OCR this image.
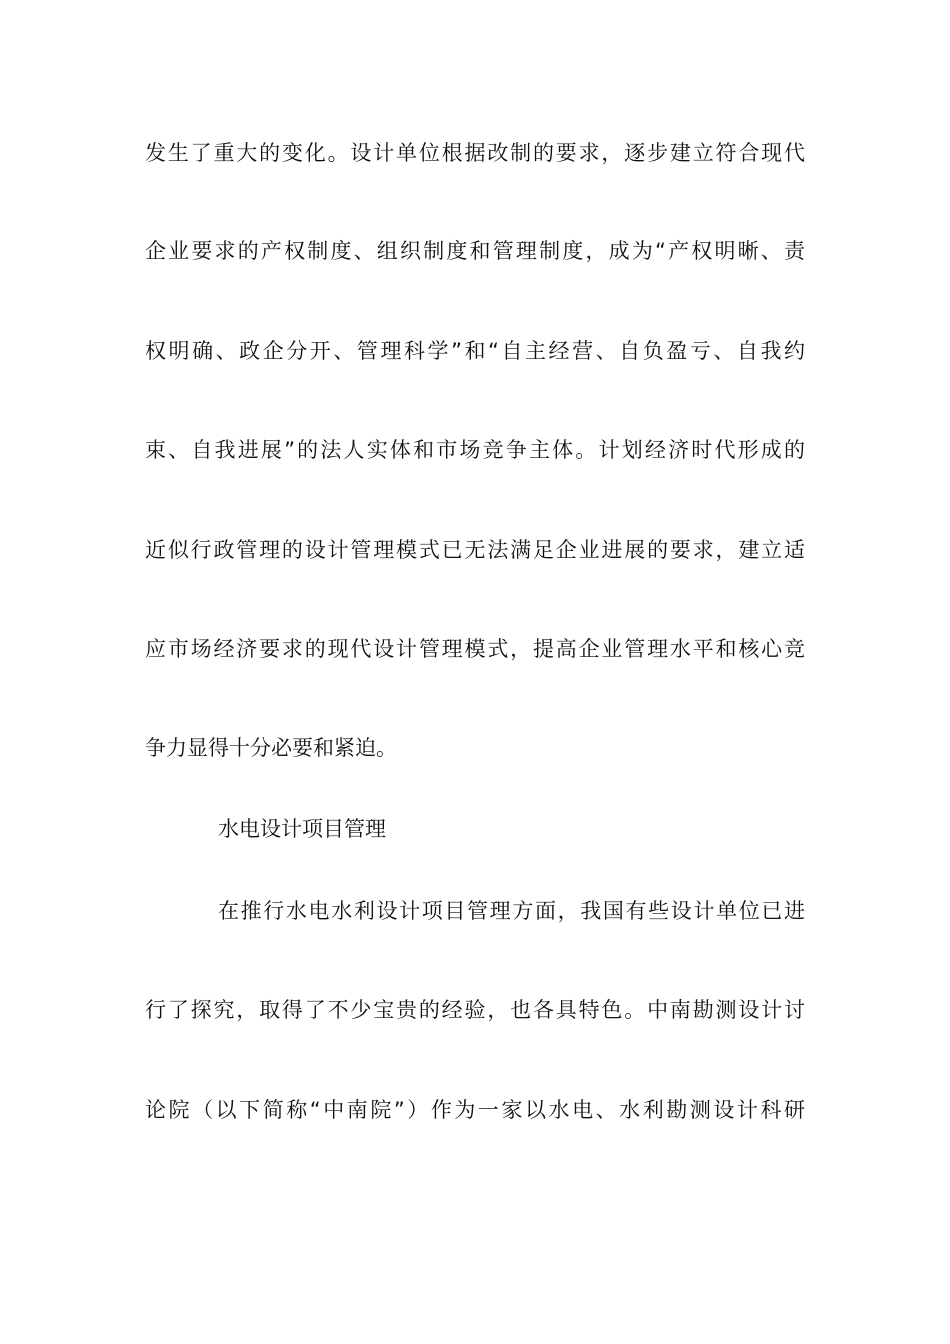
发生了重大的变化。设计单位根据改制的要求，逐步建立符合现代
企业要求的产权制度、组织制度和管理制度，成为“产权明晰、责
权明确、政企分开、管理科学”和“自主经营、自负盈亏、自我约
束、自我进展”的法人实体和市场竞争主体。计划经济时代形成的
近似行政管理的设计管理模式已无法满足企业进展的要求，建立适
应市场经济要求的现代设计管理模式，提高企业管理水平和核心竞
争力显得十分必要和紧迫。
水电设计项目管理
在推行水电水利设计项目管理方面，我国有些设计单位已进
行了探究，取得了不少宝贵的经验，也各具特色。中南勘测设计讨
论院（以下简称“中南院”）作为一家以水电、水利勘测设计科研
